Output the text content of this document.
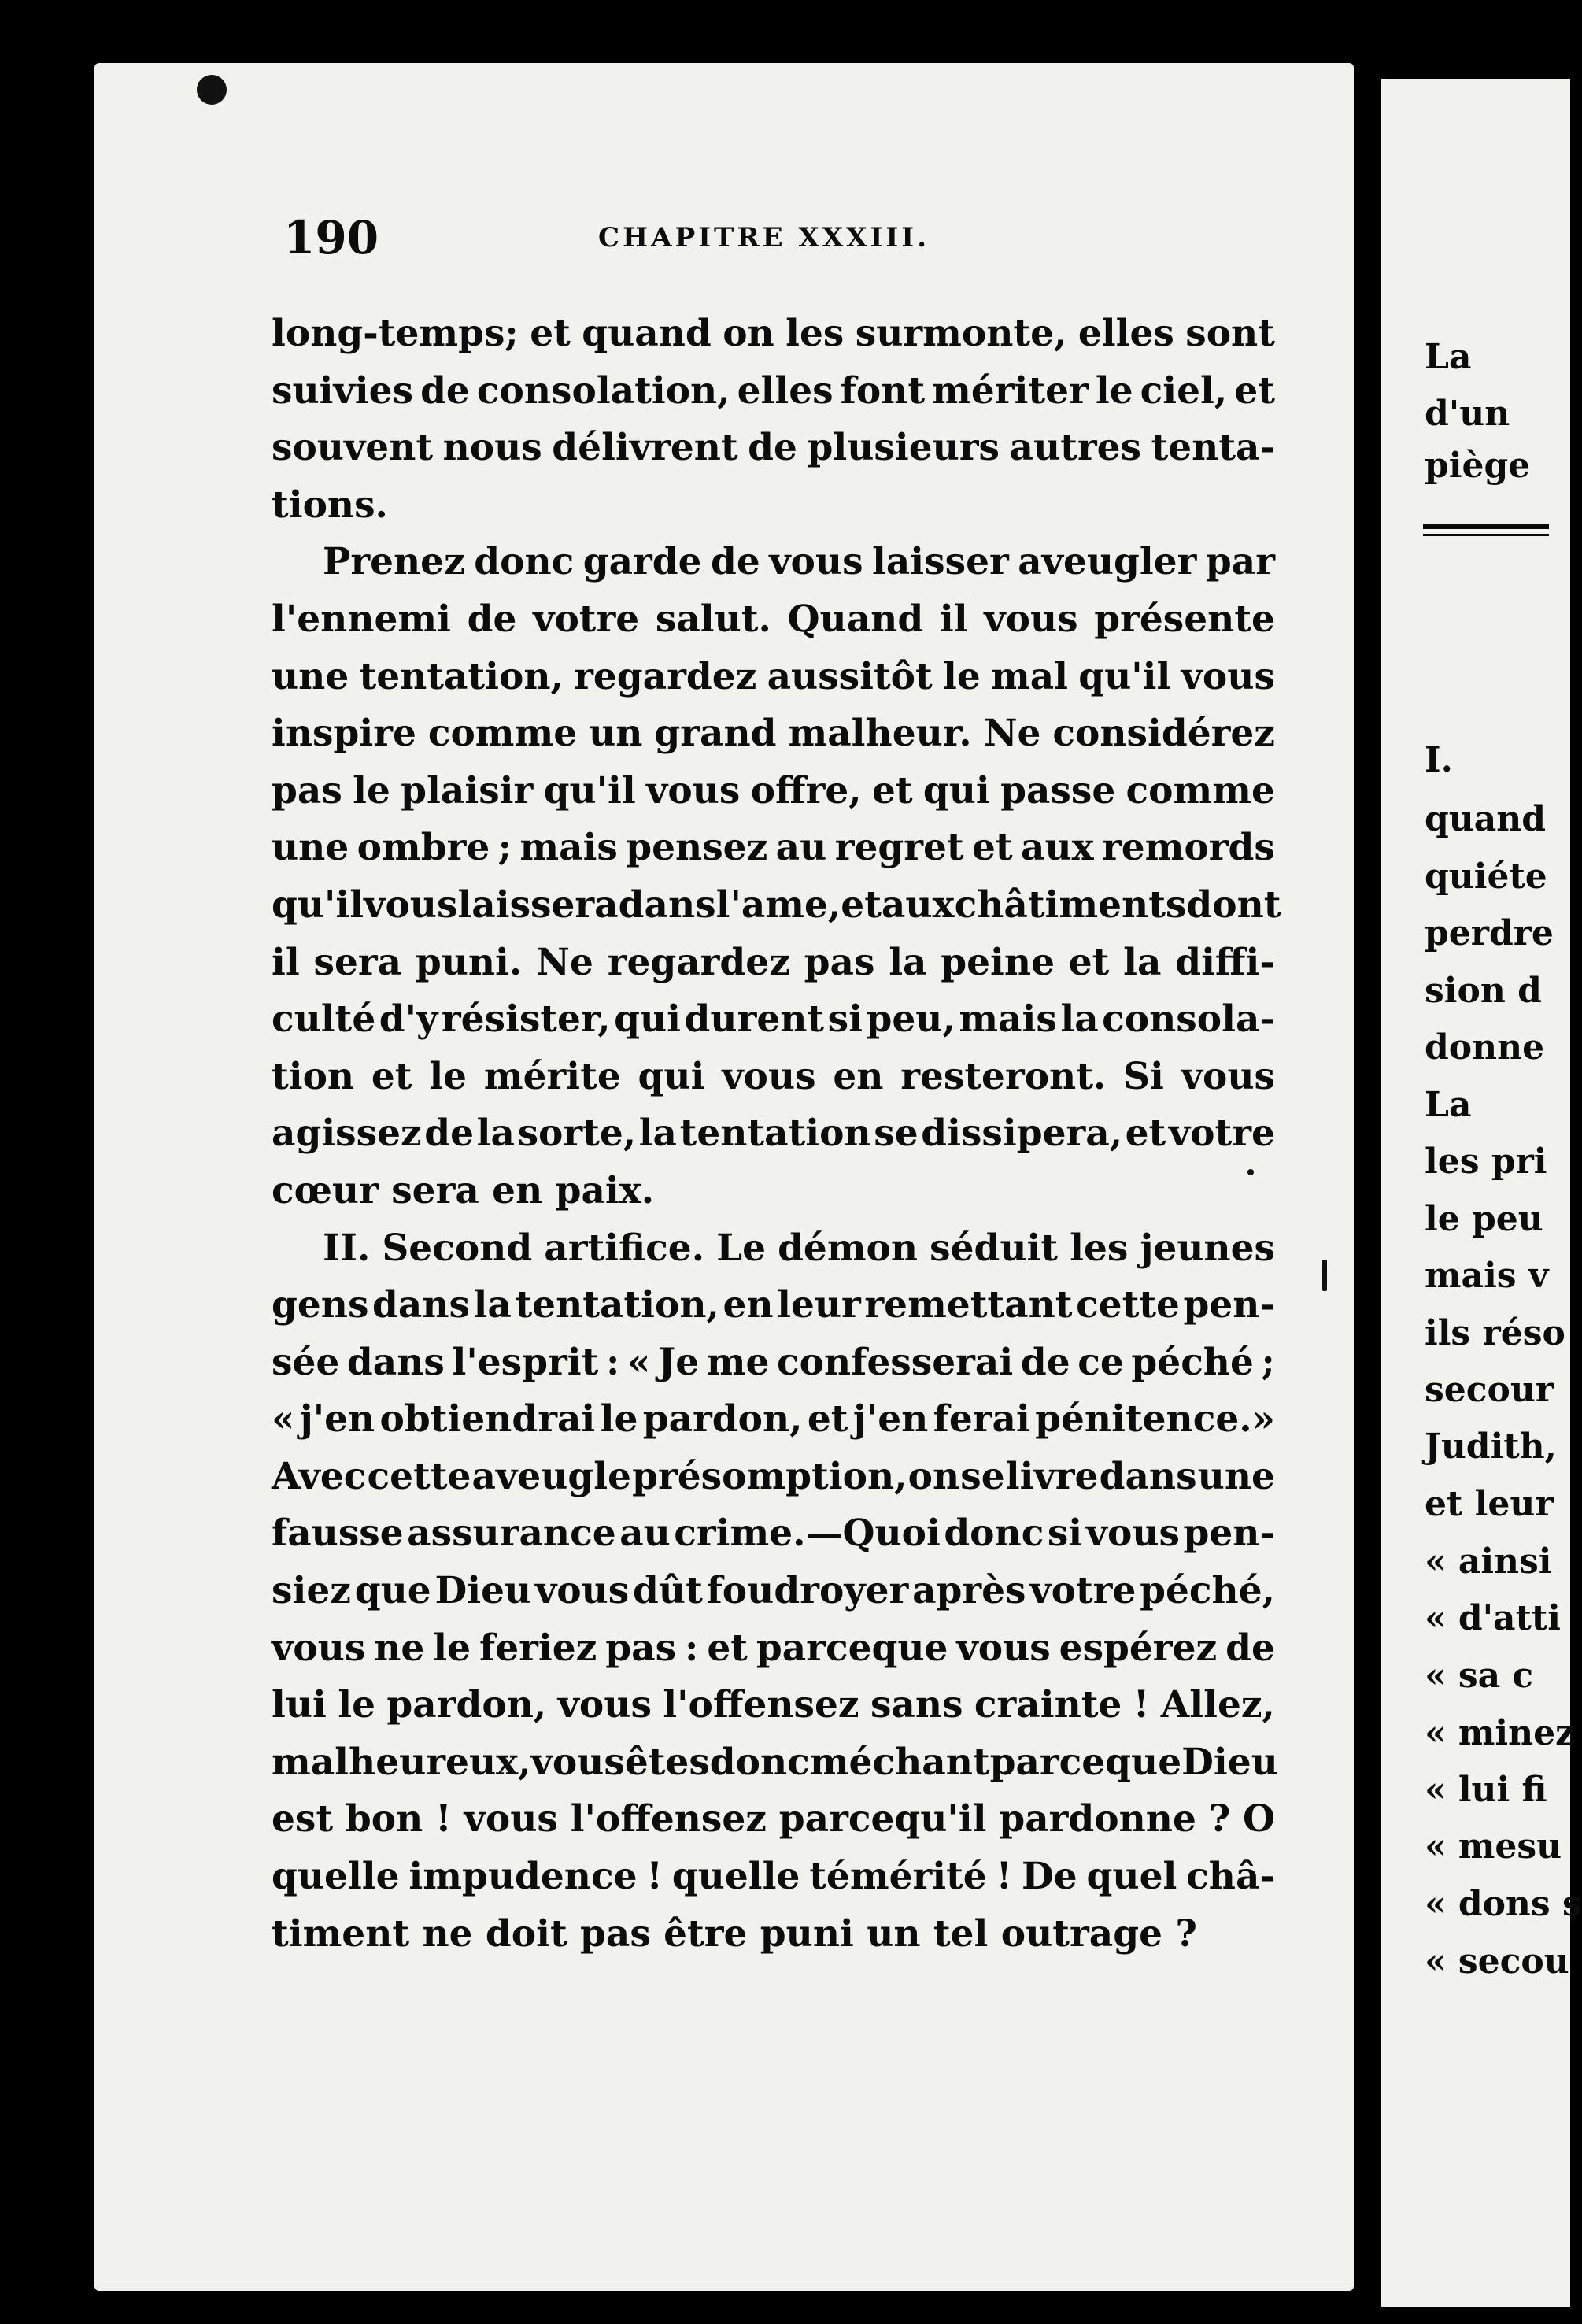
190	CHAPITRE XXXIII.
long-temps; et quand on les surmonte, elles sont
suivies de consolation, elles font mériter le ciel, et
souvent nous délivrent de plusieurs autres tenta-
tions.
Prenez donc garde de vous laisser aveugler par
l'ennemi de votre salut. Quand il vous présente
une tentation, regardez aussitôt le mal qu'il vous
inspire comme un grand malheur. Ne considérez
pas le plaisir qu'il vous offre, et qui passe comme
une ombre ; mais pensez au regret et aux remords
qu'il vous laissera dans l'ame, et aux châtiments dont
il sera puni. Ne regardez pas la peine et la diffi-
culté d'y résister, qui durent si peu, mais la consola-
tion et le mérite qui vous en resteront. Si vous
agissez de la sorte, la tentation se dissipera, et votre
cœur sera en paix.
II. Second artifice. Le démon séduit les jeunes
gens dans la tentation, en leur remettant cette pen-
sée dans l'esprit : « Je me confesserai de ce péché ;
« j'en obtiendrai le pardon, et j'en ferai pénitence.»
Avec cette aveugle présomption, on se livre dans une
fausse assurance au crime.—Quoi donc si vous pen-
siez que Dieu vous dût foudroyer après votre péché,
vous ne le feriez pas : et parceque vous espérez de
lui le pardon, vous l'offensez sans crainte ! Allez,
malheureux, vous êtes donc méchant parceque Dieu
est bon ! vous l'offensez parcequ'il pardonne ? O
quelle impudence ! quelle témérité ! De quel châ-
timent ne doit pas être puni un tel outrage ?
La
d'un
piège
I.
quand
quiéte
perdre
sion d
donne
La
les pri
le peu
mais v
ils réso
secour
Judith,
et leur
« ainsi
« d'atti
« sa c
« minez
« lui fi
« mesu
« dons s
« secou
